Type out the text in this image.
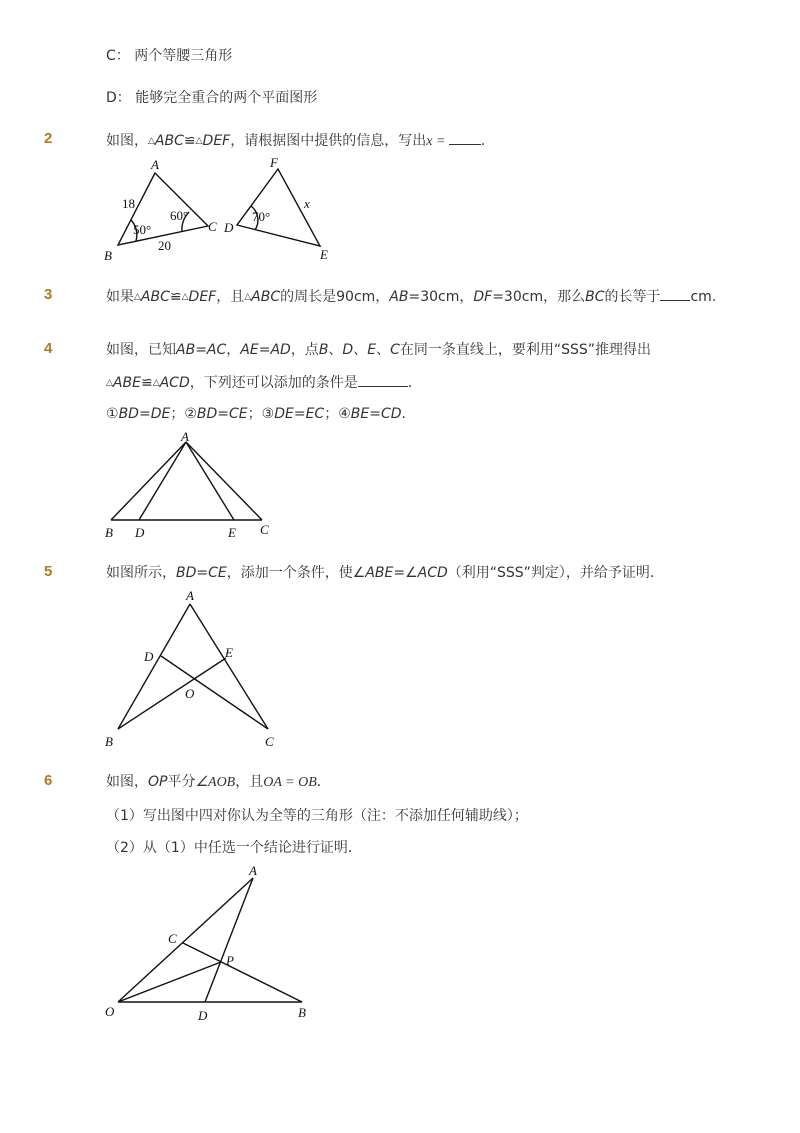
C： 两个等腰三角形
D： 能够完全重合的两个平面图形
2	如图，△ABC≌△DEF，请根据图中提供的信息，写出x = ．
A
B
C
18
20
50°
60°
F
D
E
70°
x
3	如果△ABC≌△DEF，且△ABC的周长是90cm，AB=30cm，DF=30cm，那么BC的长等于 cm.
4	如图，已知AB=AC，AE=AD，点B、D、E、C在同一条直线上，要利用“SSS”推理得出
△ABE≌△ACD，下列还可以添加的条件是	．
①BD=DE；②BD=CE；③DE=EC；④BE=CD．
A
B D	E C
5	如图所示，BD=CE，添加一个条件，使∠ABE=∠ACD（利用“SSS”判定），并给予证明．
A
D	E
O
B	C
6	如图，OP平分∠AOB，且OA = OB．
（1）写出图中四对你认为全等的三角形（注：不添加任何辅助线）；
（2）从（1）中任选一个结论进行证明．
A
C
P
O	D	B
